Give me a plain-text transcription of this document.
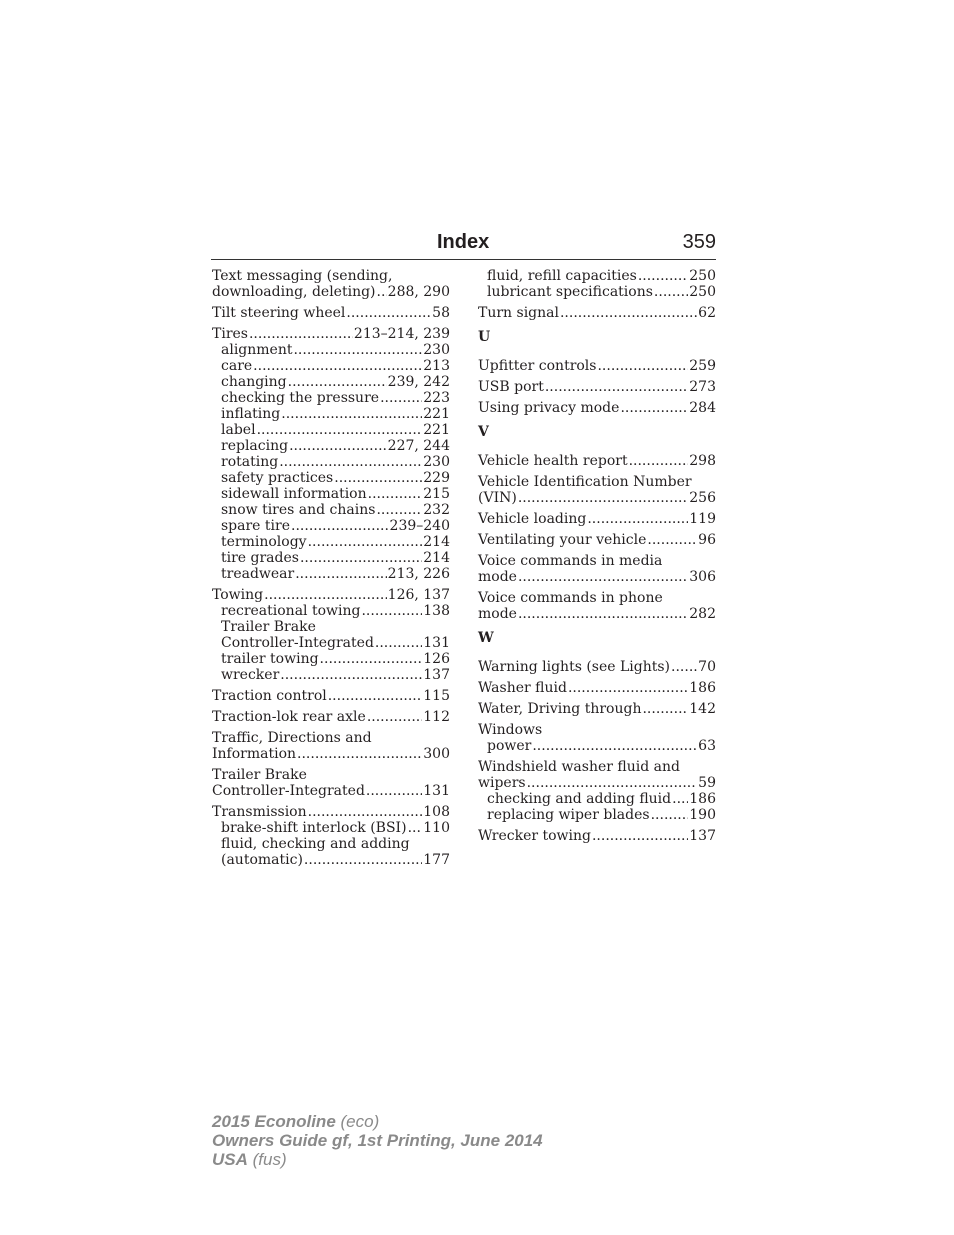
Index	359
Text messaging (sending,
downloading, deleting) ..... 288, 290
Tilt steering wheel .....	58
Tires .....	213–214, 239
alignment .....	230
care .....	213
changing .....	239, 242
checking the pressure .....	223
inflating .....	221
label .....	221
replacing .....	227, 244
rotating .....	230
safety practices .....	229
sidewall information .....	215
snow tires and chains .....	232
spare tire .....	239–240
terminology .....	214
tire grades .....	214
treadwear .....	213, 226
Towing .....	126, 137
recreational towing .....	138
Trailer Brake
Controller-Integrated .....	131
trailer towing .....	126
wrecker .....	137
Traction control .....	115
Traction-lok rear axle .....	112
Traffic, Directions and
Information .....	300
Trailer Brake
Controller-Integrated .....	131
Transmission .....	108
brake-shift interlock (BSI) ..... 110
fluid, checking and adding
(automatic) .....	177
fluid, refill capacities .....	250
lubricant specifications .....	250
Turn signal .....	62
U
Upfitter controls .....	259
USB port .....	273
Using privacy mode .....	284
V
Vehicle health report .....	298
Vehicle Identification Number
(VIN) .....	256
Vehicle loading .....	119
Ventilating your vehicle .....	96
Voice commands in media
mode .....	306
Voice commands in phone
mode .....	282
W
Warning lights (see Lights) ..... 70
Washer fluid .....	186
Water, Driving through .....	142
Windows
power .....	63
Windshield washer fluid and
wipers .....	59
checking and adding fluid ..... 186
replacing wiper blades .....	190
Wrecker towing .....	137
2015 Econoline (eco)
Owners Guide gf, 1st Printing, June 2014
USA (fus)
